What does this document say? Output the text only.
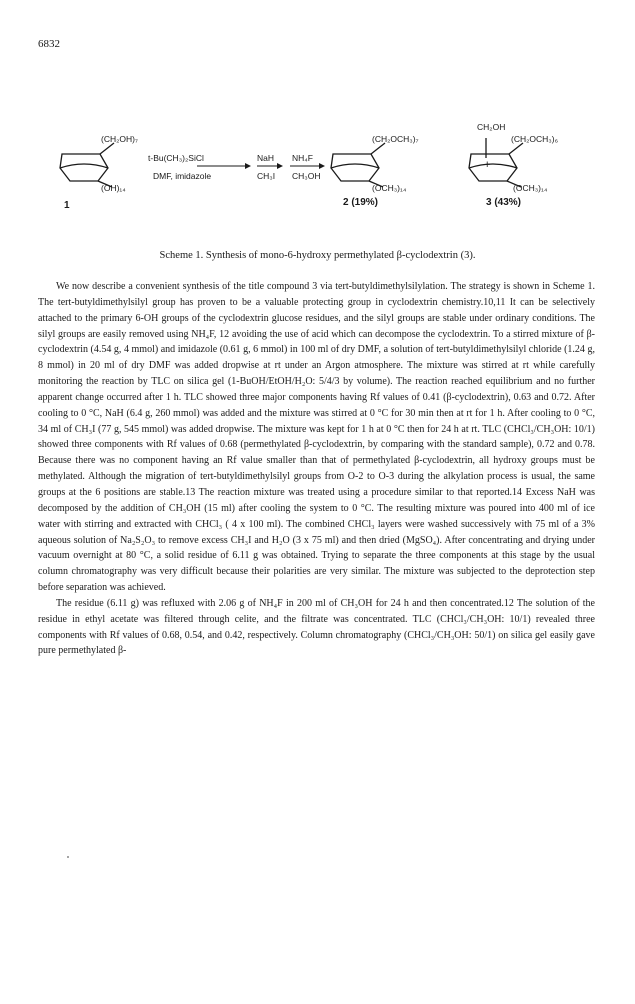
6832
(CH₂OH)₇
(OH)₁₄
1
t-Bu(CH₃)₂SiCl
DMF, imidazole
NaH
CH₃I
NH₄F
CH₃OH
(CH₂OCH₃)₇
(OCH₃)₁₄
2 (19%)
+
CH₂OH
(CH₂OCH₃)₆
(OCH₃)₁₄
3 (43%)
Scheme 1. Synthesis of mono-6-hydroxy permethylated β-cyclodextrin (3).

We now describe a convenient synthesis of the title compound 3 via tert-butyldimethylsilylation. The strategy is shown in Scheme 1. The tert-butyldimethylsilyl group has proven to be a valuable protecting group in cyclodextrin chemistry.10,11 It can be selectively attached to the primary 6-OH groups of the cyclodextrin glucose residues, and the silyl groups are stable under ordinary conditions. The silyl groups are easily removed using NH₄F, 12 avoiding the use of acid which can decompose the cyclodextrin. To a stirred mixture of β-cyclodextrin (4.54 g, 4 mmol) and imidazole (0.61 g, 6 mmol) in 100 ml of dry DMF, a solution of tert-butyldimethylsilyl chloride (1.24 g, 8 mmol) in 20 ml of dry DMF was added dropwise at rt under an Argon atmosphere. The mixture was stirred at rt while carefully monitoring the reaction by TLC on silica gel (1-BuOH/EtOH/H₂O: 5/4/3 by volume). The reaction reached equilibrium and no further apparent change occurred after 1 h. TLC showed three major components having Rf values of 0.41 (β-cyclodextrin), 0.63 and 0.72. After cooling to 0 °C, NaH (6.4 g, 260 mmol) was added and the mixture was stirred at 0 °C for 30 min then at rt for 1 h. After cooling to 0 °C, 34 ml of CH₃I (77 g, 545 mmol) was added dropwise. The mixture was kept for 1 h at 0 °C then for 24 h at rt. TLC (CHCl₃/CH₃OH: 10/1) showed three components with Rf values of 0.68 (permethylated β-cyclodextrin, by comparing with the standard sample), 0.72 and 0.78. Because there was no component having an Rf value smaller than that of permethylated β-cyclodextrin, all hydroxy groups must be methylated. Although the migration of tert-butyldimethylsilyl groups from O-2 to O-3 during the alkylation process is usual, the same groups at the 6 positions are stable.13 The reaction mixture was treated using a procedure similar to that reported.14 Excess NaH was decomposed by the addition of CH₃OH (15 ml) after cooling the system to 0 °C. The resulting mixture was poured into 400 ml of ice water with stirring and extracted with CHCl₃ ( 4 x 100 ml). The combined CHCl₃ layers were washed successively with 75 ml of a 3% aqueous solution of Na₂S₂O₃ to remove excess CH₃I and H₂O (3 x 75 ml) and then dried (MgSO₄). After concentrating and drying under vacuum overnight at 80 °C, a solid residue of 6.11 g was obtained. Trying to separate the three components at this stage by the usual column chromatography was very difficult because their polarities are very similar. The mixture was subjected to the deprotection step before separation was achieved.

The residue (6.11 g) was refluxed with 2.06 g of NH₄F in 200 ml of CH₃OH for 24 h and then concentrated.12 The solution of the residue in ethyl acetate was filtered through celite, and the filtrate was concentrated. TLC (CHCl₃/CH₃OH: 10/1) revealed three components with Rf values of 0.68, 0.54, and 0.42, respectively. Column chromatography (CHCl₃/CH₃OH: 50/1) on silica gel easily gave pure permethylated β-
